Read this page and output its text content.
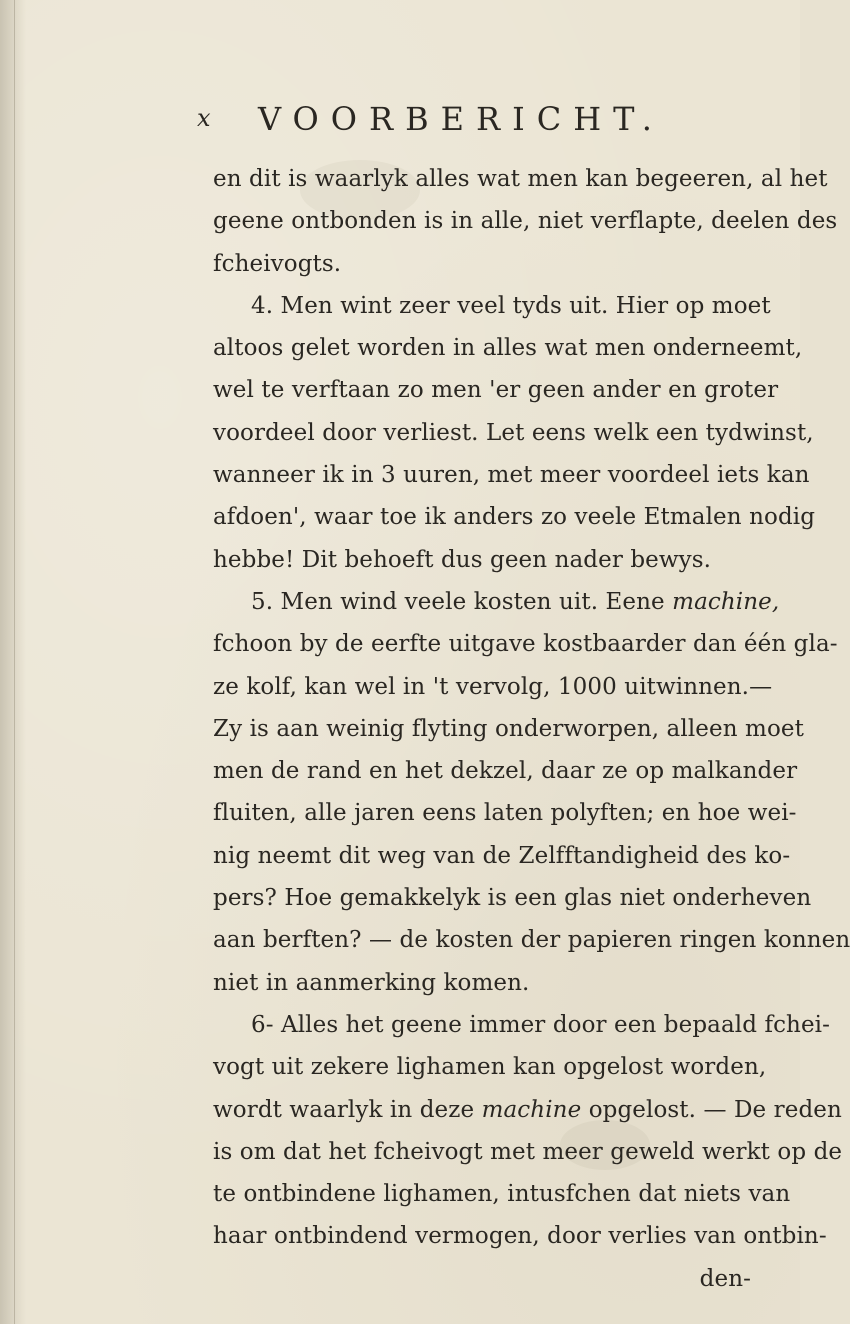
x VOORBERICHT.
en dit is waarlyk alles wat men kan begeeren, al het
geene ontbonden is in alle, niet verflapte, deelen des
fcheivogts.
4. Men wint zeer veel tyds uit. Hier op moet
altoos gelet worden in alles wat men onderneemt,
wel te verftaan zo men 'er geen ander en groter
voordeel door verliest. Let eens welk een tydwinst,
wanneer ik in 3 uuren, met meer voordeel iets kan
afdoen', waar toe ik anders zo veele Etmalen nodig
hebbe! Dit behoeft dus geen nader bewys.
5. Men wind veele kosten uit. Eene machine,
fchoon by de eerfte uitgave kostbaarder dan één gla-
ze kolf, kan wel in 't vervolg, 1000 uitwinnen.—
Zy is aan weinig flyting onderworpen, alleen moet
men de rand en het dekzel, daar ze op malkander
fluiten, alle jaren eens laten polyften; en hoe wei-
nig neemt dit weg van de Zelfftandigheid des ko-
pers? Hoe gemakkelyk is een glas niet onderheven
aan berften? — de kosten der papieren ringen konnen
niet in aanmerking komen.
6- Alles het geene immer door een bepaald fchei-
vogt uit zekere lighamen kan opgelost worden,
wordt waarlyk in deze machine opgelost. — De reden
is om dat het fcheivogt met meer geweld werkt op de
te ontbindene lighamen, intusfchen dat niets van
haar ontbindend vermogen, door verlies van ontbin-
den-
